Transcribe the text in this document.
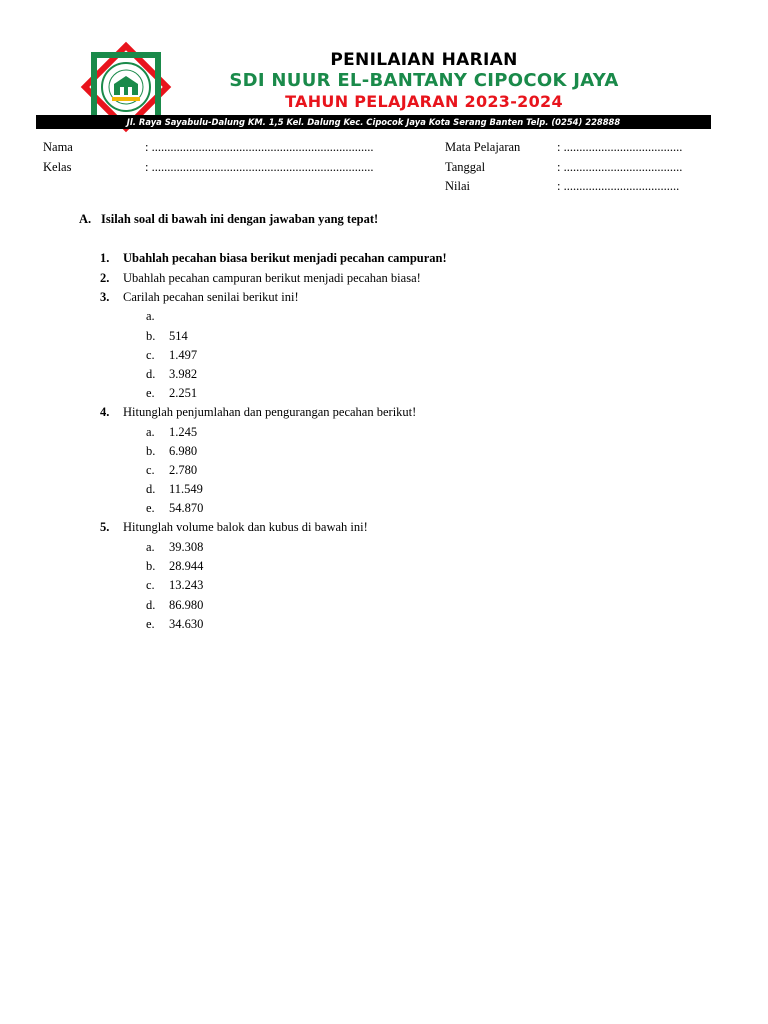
PENILAIAN HARIAN
SDI NUUR EL-BANTANY CIPOCOK JAYA
TAHUN PELAJARAN 2023-2024
Jl. Raya Sayabulu-Dalung KM. 1,5 Kel. Dalung Kec. Cipocok Jaya Kota Serang Banten Telp. (0254) 228888
Nama	: .......................................................................
Kelas	: .......................................................................
Mata Pelajaran	: ......................................
Tanggal	: ......................................
Nilai	: .....................................
A. Isilah soal di bawah ini dengan jawaban yang tepat!
1. Ubahlah pecahan biasa berikut menjadi pecahan campuran!
2. Ubahlah pecahan campuran berikut menjadi pecahan biasa!
3. Carilah pecahan senilai berikut ini!
a.
b. 514
c. 1.497
d. 3.982
e. 2.251
4. Hitunglah penjumlahan dan pengurangan pecahan berikut!
a. 1.245
b. 6.980
c. 2.780
d. 11.549
e. 54.870
5. Hitunglah volume balok dan kubus di bawah ini!
a. 39.308
b. 28.944
c. 13.243
d. 86.980
e. 34.630
